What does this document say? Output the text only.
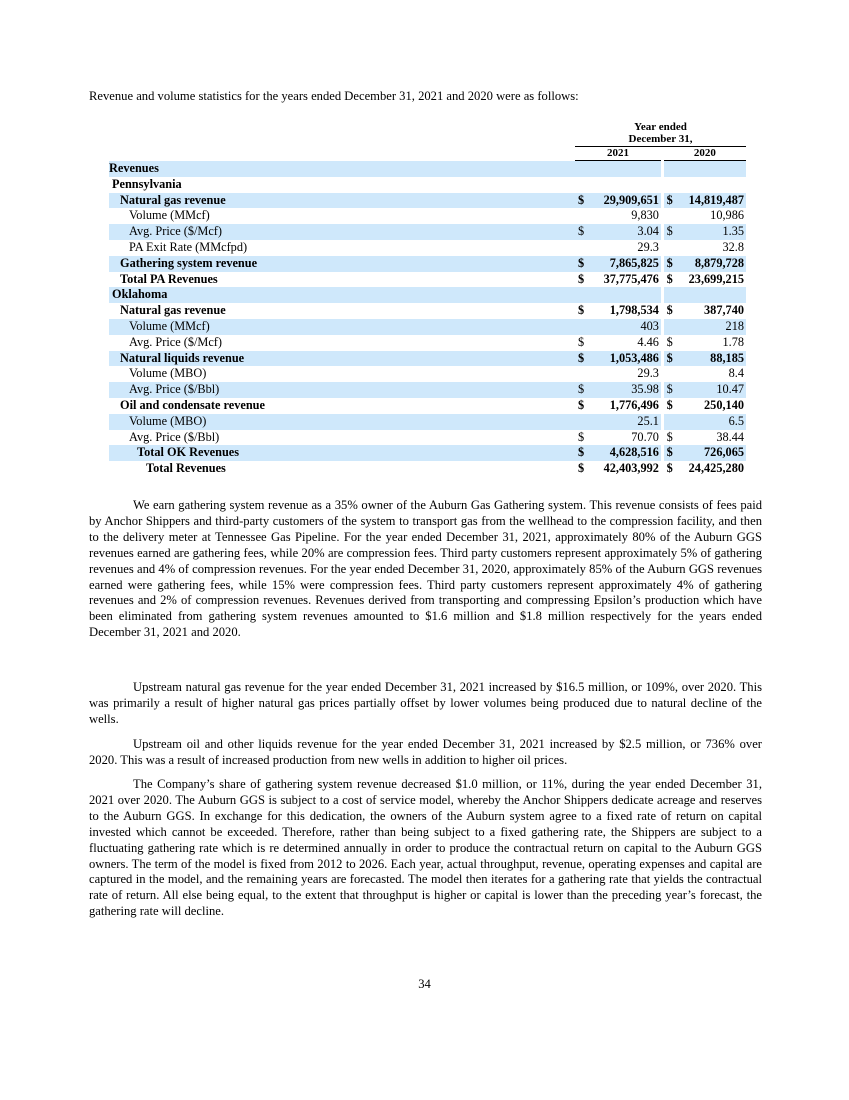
Revenue and volume statistics for the years ended December 31, 2021 and 2020 were as follows:
	Year ended		
	December 31,		
	2021		2020
Revenues	

Pennsylvania	

Natural gas revenue	$ 29,909,651		$ 14,819,487

Volume (MMcf)	9,830		10,986

Avg. Price ($/Mcf)	$ 3.04		$ 1.35

PA Exit Rate (MMcfpd)	29.3		32.8

Gathering system revenue	$ 7,865,825		$ 8,879,728

Total PA Revenues	$ 37,775,476		$ 23,699,215

Oklahoma	

Natural gas revenue	$ 1,798,534		$ 387,740

Volume (MMcf)	403		218

Avg. Price ($/Mcf)	$ 4.46		$ 1.78

Natural liquids revenue	$ 1,053,486		$ 88,185

Volume (MBO)	29.3		8.4

Avg. Price ($/Bbl)	$ 35.98		$ 10.47

Oil and condensate revenue	$ 1,776,496		$ 250,140

Volume (MBO)	25.1		6.5

Avg. Price ($/Bbl)	$ 70.70		$ 38.44

Total OK Revenues	$ 4,628,516		$ 726,065

Total Revenues	$ 42,403,992		$ 24,425,280

We earn gathering system revenue as a 35% owner of the Auburn Gas Gathering system. This revenue consists of fees paid by Anchor Shippers and third-party customers of the system to transport gas from the wellhead to the compression facility, and then to the delivery meter at Tennessee Gas Pipeline. For the year ended December 31, 2021, approximately 80% of the Auburn GGS revenues earned are gathering fees, while 20% are compression fees. Third party customers represent approximately 5% of gathering revenues and 4% of compression revenues. For the year ended December 31, 2020, approximately 85% of the Auburn GGS revenues earned were gathering fees, while 15% were compression fees. Third party customers represent approximately 4% of gathering revenues and 2% of compression revenues. Revenues derived from transporting and compressing Epsilon’s production which have been eliminated from gathering system revenues amounted to $1.6 million and $1.8 million respectively for the years ended December 31, 2021 and 2020.

Upstream natural gas revenue for the year ended December 31, 2021 increased by $16.5 million, or 109%, over 2020. This was primarily a result of higher natural gas prices partially offset by lower volumes being produced due to natural decline of the wells.

Upstream oil and other liquids revenue for the year ended December 31, 2021 increased by $2.5 million, or 736% over 2020. This was a result of increased production from new wells in addition to higher oil prices.

The Company’s share of gathering system revenue decreased $1.0 million, or 11%, during the year ended December 31, 2021 over 2020. The Auburn GGS is subject to a cost of service model, whereby the Anchor Shippers dedicate acreage and reserves to the Auburn GGS. In exchange for this dedication, the owners of the Auburn system agree to a fixed rate of return on capital invested which cannot be exceeded. Therefore, rather than being subject to a fixed gathering rate, the Shippers are subject to a fluctuating gathering rate which is re determined annually in order to produce the contractual return on capital to the Auburn GGS owners. The term of the model is fixed from 2012 to 2026. Each year, actual throughput, revenue, operating expenses and capital are captured in the model, and the remaining years are forecasted. The model then iterates for a gathering rate that yields the contractual rate of return. All else being equal, to the extent that throughput is higher or capital is lower than the preceding year’s forecast, the gathering rate will decline.

34
